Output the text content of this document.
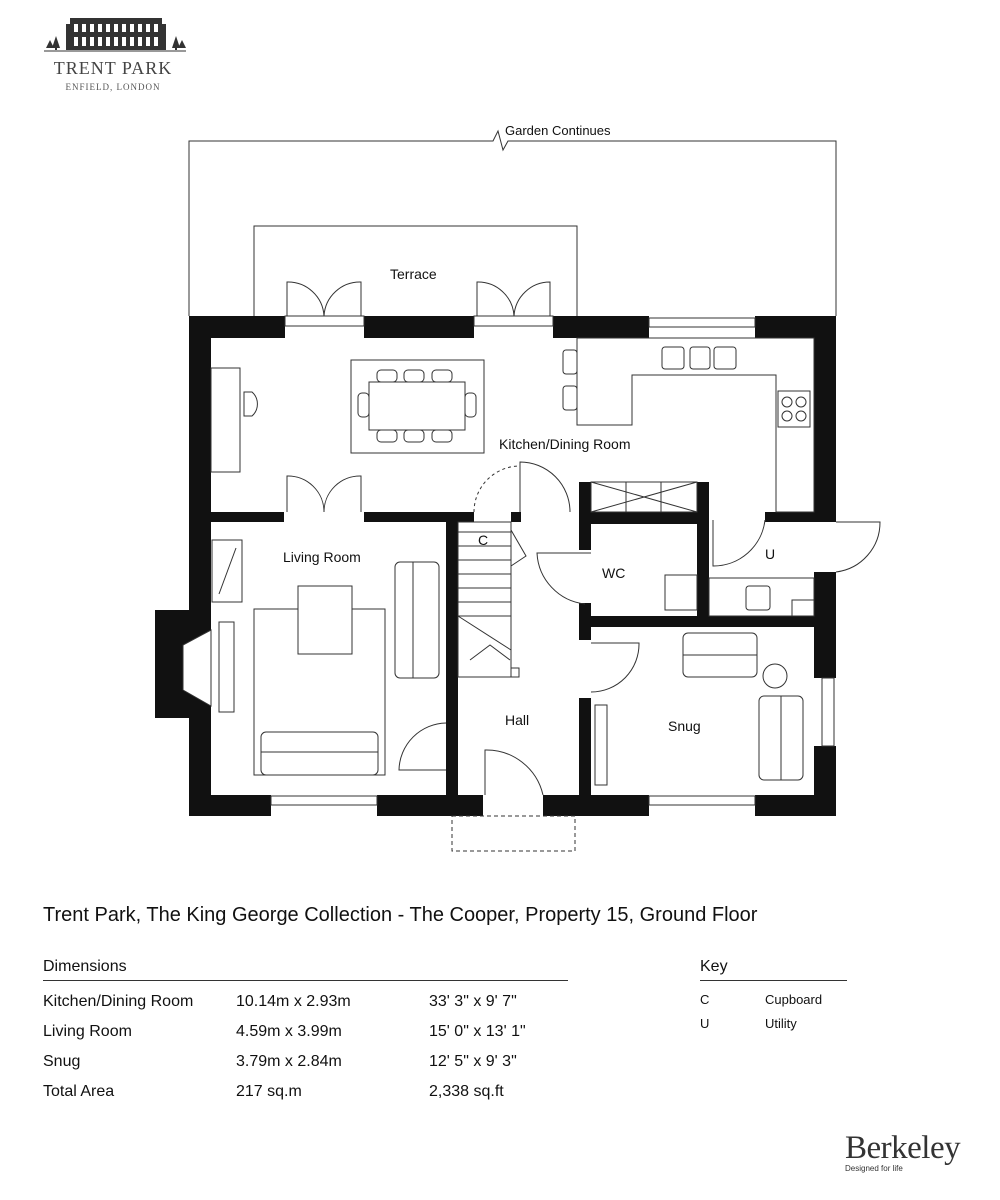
TRENT PARK
ENFIELD, LONDON
Garden Continues
Terrace
Kitchen/Dining Room
Living Room
C
WC
U
Hall	Snug
Trent Park, The King George Collection - The Cooper, Property 15, Ground Floor
Dimensions
Kitchen/Dining Room	10.14m x 2.93m	33' 3" x 9' 7"
Living Room	4.59m x 3.99m	15' 0" x 13' 1"
Snug	3.79m x 2.84m	12' 5" x 9' 3"
Total Area	217 sq.m	2,338 sq.ft
Key
C	Cupboard
U	Utility
Berkeley
Designed for life
